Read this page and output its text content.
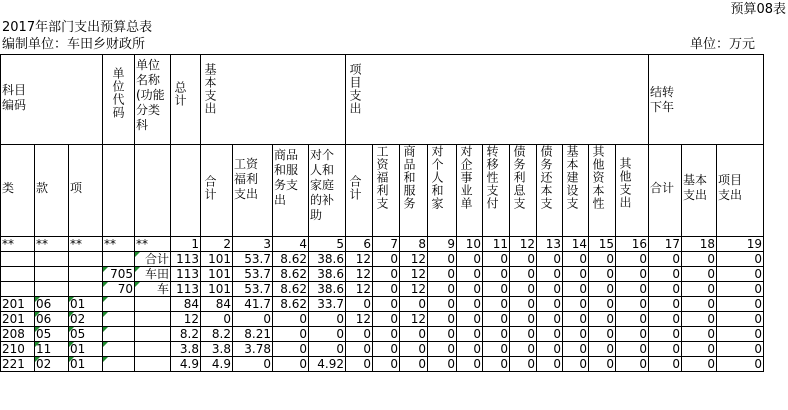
预算08表
2017年部门支出预算总表
编制单位：车田乡财政所	单位：万元
科目编码			单位代码	单位名称(功能分类科	总计	基本支出				项目支出											结转下年		
类	款	项				合计	工资福利支出	商品和服务支出	对个人和家庭的补助	合计	工资福利支	商品和服务	对个人和家	对企事业单	转移性支付	债务利息支	债务还本支	基本建设支	其他资本性	其他支出	合计	基本支出	项目支出
**	**	**	**	**	1	2	3	4	5	6	7	8	9	10	11	12	13	14	15	16	17	18	19
				合计	113	101	53.7	8.62	38.6	12	0	12	0	0	0	0	0	0	0	0	0	0	0
			705	车田	113	101	53.7	8.62	38.6	12	0	12	0	0	0	0	0	0	0	0	0	0	0
			70	车	113	101	53.7	8.62	38.6	12	0	12	0	0	0	0	0	0	0	0	0	0	0
201	06	01			84	84	41.7	8.62	33.7	0	0	0	0	0	0	0	0	0	0	0	0	0	0
201	06	02			12	0	0	0	0	12	0	12	0	0	0	0	0	0	0	0	0	0	0
208	05	05			8.2	8.2	8.21	0	0	0	0	0	0	0	0	0	0	0	0	0	0	0	0
210	11	01			3.8	3.8	3.78	0	0	0	0	0	0	0	0	0	0	0	0	0	0	0	0
221	02	01			4.9	4.9	0	0	4.92	0	0	0	0	0	0	0	0	0	0	0	0	0	0
